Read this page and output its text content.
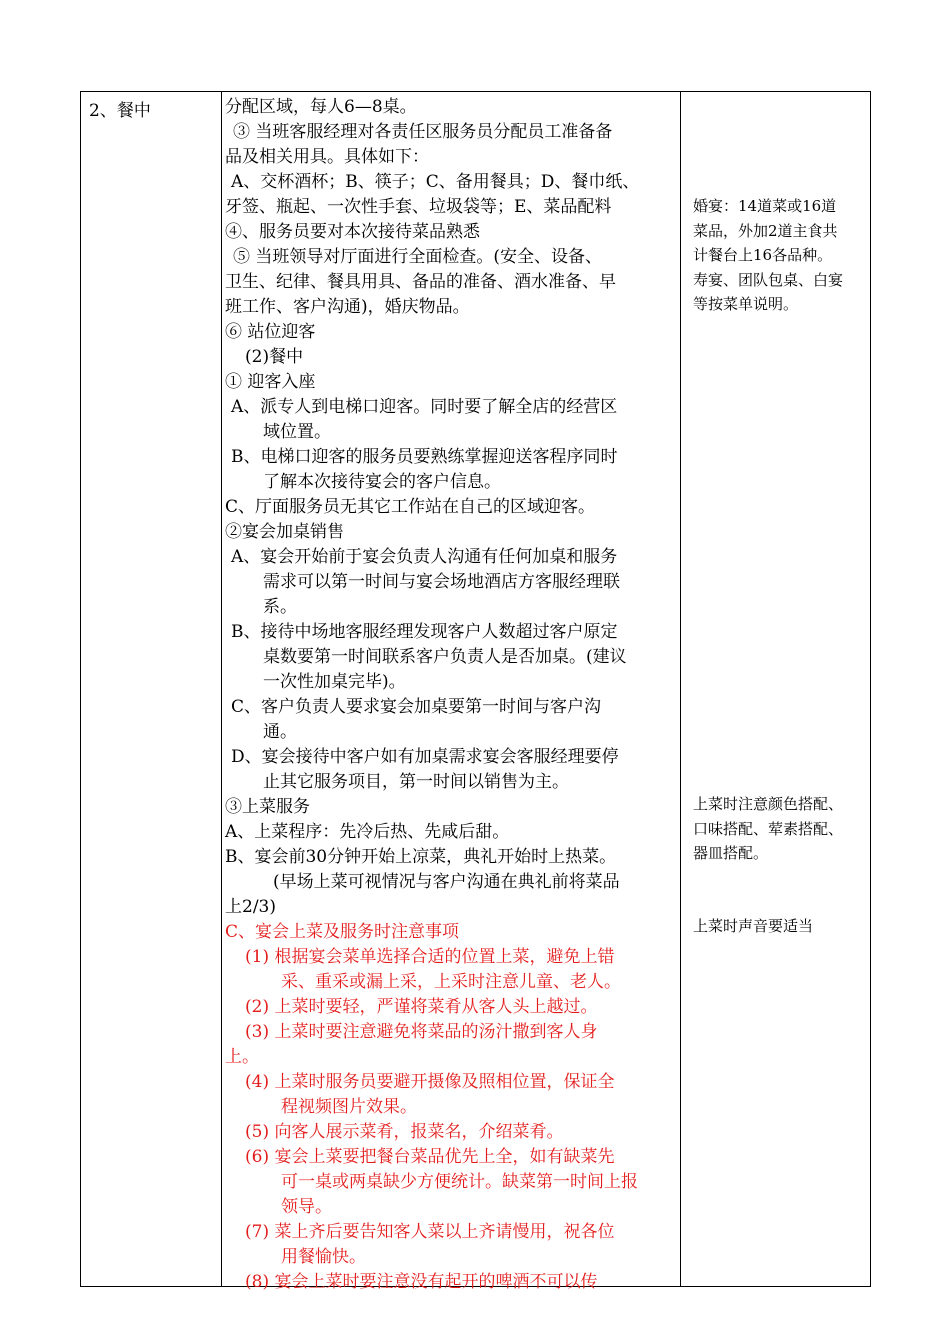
2、餐中	分配区域，每人6—8桌。
③ 当班客服经理对各责任区服务员分配员工准备备
品及相关用具。具体如下：
A、交杯酒杯；B、筷子；C、备用餐具；D、餐巾纸、
牙签、瓶起、一次性手套、垃圾袋等；E、菜品配料
④、服务员要对本次接待菜品熟悉
⑤ 当班领导对厅面进行全面检查。(安全、设备、
卫生、纪律、餐具用具、备品的准备、酒水准备、早
班工作、客户沟通)，婚庆物品。
⑥ 站位迎客
(2)餐中
① 迎客入座
A、派专人到电梯口迎客。同时要了解全店的经营区
域位置。
B、电梯口迎客的服务员要熟练掌握迎送客程序同时
了解本次接待宴会的客户信息。
C、厅面服务员无其它工作站在自己的区域迎客。
②宴会加桌销售
A、宴会开始前于宴会负责人沟通有任何加桌和服务
需求可以第一时间与宴会场地酒店方客服经理联
系。
B、接待中场地客服经理发现客户人数超过客户原定
桌数要第一时间联系客户负责人是否加桌。(建议
一次性加桌完毕)。
C、客户负责人要求宴会加桌要第一时间与客户沟
通。
D、宴会接待中客户如有加桌需求宴会客服经理要停
止其它服务项目，第一时间以销售为主。
③上菜服务
A、上菜程序：先冷后热、先咸后甜。
B、宴会前30分钟开始上凉菜，典礼开始时上热菜。
(早场上菜可视情况与客户沟通在典礼前将菜品
上2/3)
C、宴会上菜及服务时注意事项
(1) 根据宴会菜单选择合适的位置上菜，避免上错
采、重采或漏上采，上采时注意儿童、老人。
(2) 上菜时要轻，严谨将菜肴从客人头上越过。
(3) 上菜时要注意避免将菜品的汤汁撒到客人身
上。
(4) 上菜时服务员要避开摄像及照相位置，保证全
程视频图片效果。
(5) 向客人展示菜肴，报菜名，介绍菜肴。
(6) 宴会上菜要把餐台菜品优先上全，如有缺菜先
可一桌或两桌缺少方便统计。缺菜第一时间上报
领导。
(7) 菜上齐后要告知客人菜以上齐请慢用，祝各位
用餐愉快。
(8) 宴会上菜时要注意没有起开的啤酒不可以传
婚宴：14道菜或16道
菜品，外加2道主食共
计餐台上16各品种。
寿宴、团队包桌、白宴
等按菜单说明。
上菜时注意颜色搭配、
口味搭配、荤素搭配、
器皿搭配。
上菜时声音要适当
